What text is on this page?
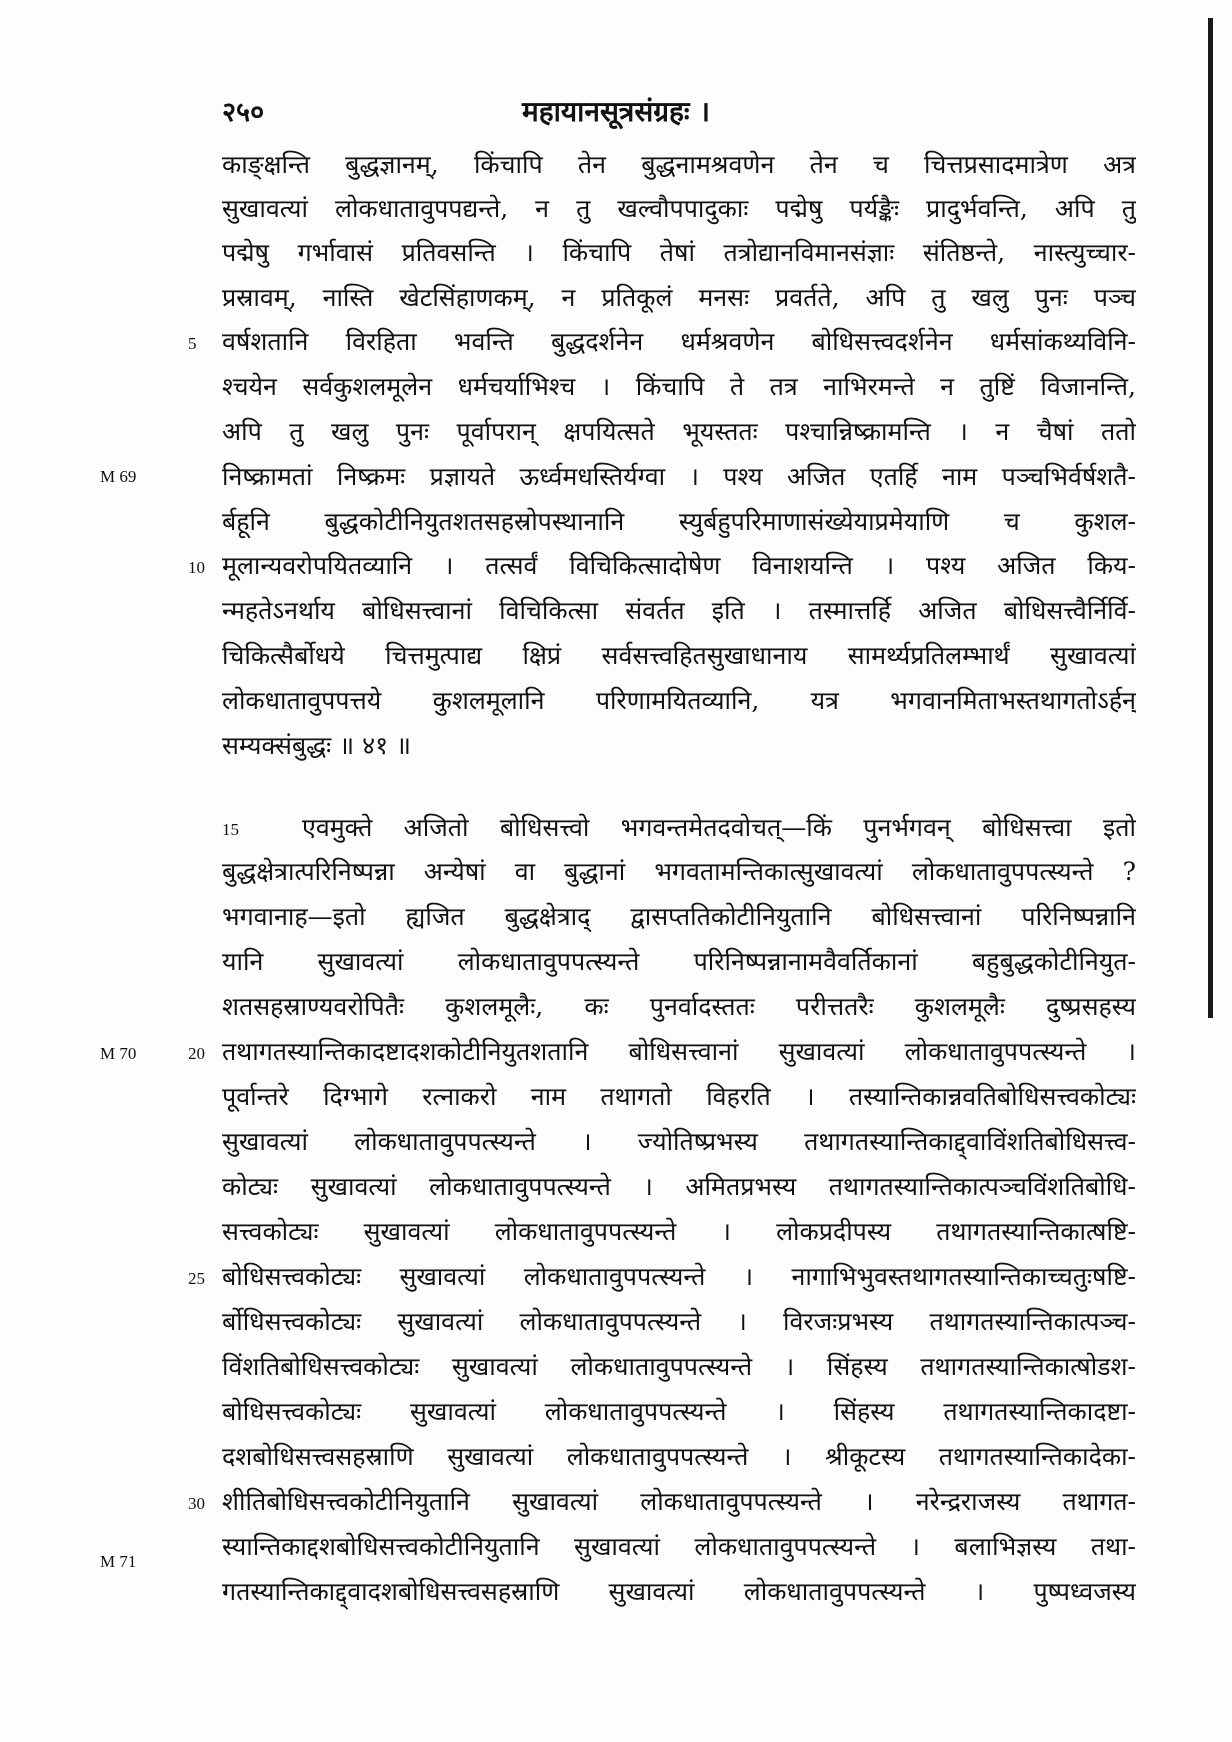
२५०	महायानसूत्रसंग्रहः ।
काङ्क्षन्ति बुद्धज्ञानम्, किंचापि तेन बुद्धनामश्रवणेन तेन च चित्तप्रसादमात्रेण अत्र
सुखावत्यां लोकधातावुपपद्यन्ते, न तु खल्वौपपादुकाः पद्मेषु पर्यङ्कैः प्रादुर्भवन्ति, अपि तु
पद्मेषु गर्भावासं प्रतिवसन्ति । किंचापि तेषां तत्रोद्यानविमानसंज्ञाः संतिष्ठन्ते, नास्त्युच्चार-
प्रस्रावम्, नास्ति खेटसिंहाणकम्, न प्रतिकूलं मनसः प्रवर्तते, अपि तु खलु पुनः पञ्च
वर्षशतानि विरहिता भवन्ति बुद्धदर्शनेन धर्मश्रवणेन बोधिसत्त्वदर्शनेन धर्मसांकथ्यविनि-
श्चयेन सर्वकुशलमूलेन धर्मचर्याभिश्च । किंचापि ते तत्र नाभिरमन्ते न तुष्टिं विजानन्ति,
अपि तु खलु पुनः पूर्वापरान् क्षपयित्सते भूयस्ततः पश्चान्निष्क्रामन्ति । न चैषां ततो
निष्क्रामतां निष्क्रमः प्रज्ञायते ऊर्ध्वमधस्तिर्यग्वा । पश्य अजित एतर्हि नाम पञ्चभिर्वर्षशतै-
र्बहूनि बुद्धकोटीनियुतशतसहस्रोपस्थानानि स्युर्बहुपरिमाणासंख्येयाप्रमेयाणि च कुशल-
मूलान्यवरोपयितव्यानि । तत्सर्वं विचिकित्सादोषेण विनाशयन्ति । पश्य अजित किय-
न्महतेऽनर्थाय बोधिसत्त्वानां विचिकित्सा संवर्तत इति । तस्मात्तर्हि अजित बोधिसत्त्वैर्निर्वि-
चिकित्सैर्बोधये चित्तमुत्पाद्य क्षिप्रं सर्वसत्त्वहितसुखाधानाय सामर्थ्यप्रतिलम्भार्थं सुखावत्यां
लोकधातावुपपत्तये कुशलमूलानि परिणामयितव्यानि, यत्र भगवानमिताभस्तथागतोऽर्हन्
सम्यक्संबुद्धः ॥ ४१ ॥
एवमुक्ते अजितो बोधिसत्त्वो भगवन्तमेतदवोचत्—किं पुनर्भगवन् बोधिसत्त्वा इतो
बुद्धक्षेत्रात्परिनिष्पन्ना अन्येषां वा बुद्धानां भगवतामन्तिकात्सुखावत्यां लोकधातावुपपत्स्यन्ते ?
भगवानाह—इतो ह्यजित बुद्धक्षेत्राद् द्वासप्ततिकोटीनियुतानि बोधिसत्त्वानां परिनिष्पन्नानि
यानि सुखावत्यां लोकधातावुपपत्स्यन्ते परिनिष्पन्नानामवैवर्तिकानां बहुबुद्धकोटीनियुत-
शतसहस्राण्यवरोपितैः कुशलमूलैः, कः पुनर्वादस्ततः परीत्ततरैः कुशलमूलैः दुष्प्रसहस्य
तथागतस्यान्तिकादष्टादशकोटीनियुतशतानि बोधिसत्त्वानां सुखावत्यां लोकधातावुपपत्स्यन्ते ।
पूर्वान्तरे दिग्भागे रत्नाकरो नाम तथागतो विहरति । तस्यान्तिकान्नवतिबोधिसत्त्वकोट्यः
सुखावत्यां लोकधातावुपपत्स्यन्ते । ज्योतिष्प्रभस्य तथागतस्यान्तिकाद्द्वाविंशतिबोधिसत्त्व-
कोट्यः सुखावत्यां लोकधातावुपपत्स्यन्ते । अमितप्रभस्य तथागतस्यान्तिकात्पञ्चविंशतिबोधि-
सत्त्वकोट्यः सुखावत्यां लोकधातावुपपत्स्यन्ते । लोकप्रदीपस्य तथागतस्यान्तिकात्षष्टि-
बोधिसत्त्वकोट्यः सुखावत्यां लोकधातावुपपत्स्यन्ते । नागाभिभुवस्तथागतस्यान्तिकाच्चतुःषष्टि-
र्बोधिसत्त्वकोट्यः सुखावत्यां लोकधातावुपपत्स्यन्ते । विरजःप्रभस्य तथागतस्यान्तिकात्पञ्च-
विंशतिबोधिसत्त्वकोट्यः सुखावत्यां लोकधातावुपपत्स्यन्ते । सिंहस्य तथागतस्यान्तिकात्षोडश-
बोधिसत्त्वकोट्यः सुखावत्यां लोकधातावुपपत्स्यन्ते । सिंहस्य तथागतस्यान्तिकादष्टा-
दशबोधिसत्त्वसहस्राणि सुखावत्यां लोकधातावुपपत्स्यन्ते । श्रीकूटस्य तथागतस्यान्तिकादेका-
शीतिबोधिसत्त्वकोटीनियुतानि सुखावत्यां लोकधातावुपपत्स्यन्ते । नरेन्द्रराजस्य तथागत-
स्यान्तिकाद्दशबोधिसत्त्वकोटीनियुतानि सुखावत्यां लोकधातावुपपत्स्यन्ते । बलाभिज्ञस्य तथा-
गतस्यान्तिकाद्द्वादशबोधिसत्त्वसहस्राणि सुखावत्यां लोकधातावुपपत्स्यन्ते । पुष्पध्वजस्य
5
10
15
20
25
30
M 69
M 70
M 71
